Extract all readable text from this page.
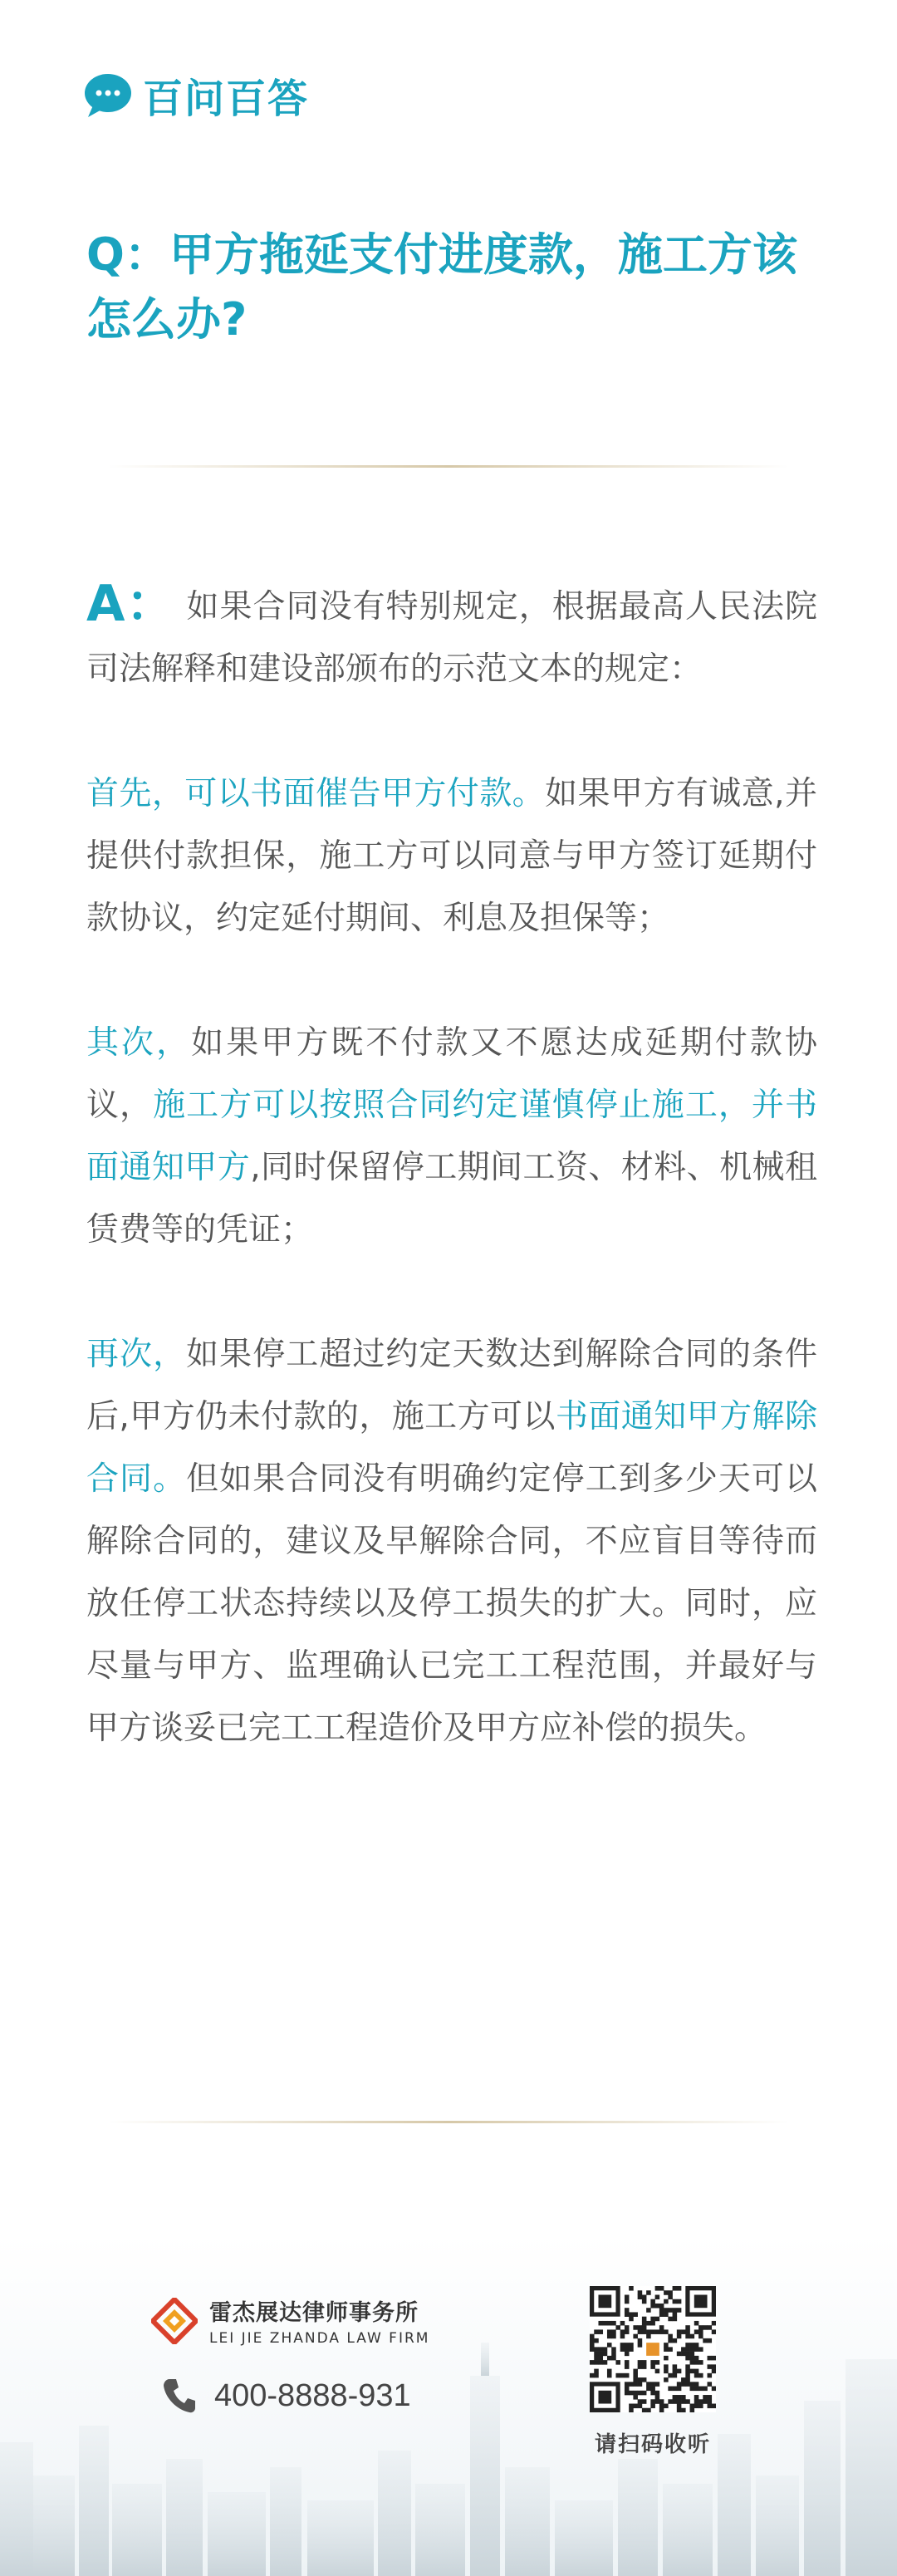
百问百答
Q：甲方拖延支付进度款，施工方该怎么办?

A： 如果合同没有特别规定，根据最高人民法院司法解释和建设部颁布的示范文本的规定：

首先，可以书面催告甲方付款。如果甲方有诚意,并提供付款担保，施工方可以同意与甲方签订延期付款协议，约定延付期间、利息及担保等；

其次，如果甲方既不付款又不愿达成延期付款协议，施工方可以按照合同约定谨慎停止施工，并书面通知甲方,同时保留停工期间工资、材料、机械租赁费等的凭证；

再次，如果停工超过约定天数达到解除合同的条件后,甲方仍未付款的，施工方可以书面通知甲方解除合同。但如果合同没有明确约定停工到多少天可以解除合同的，建议及早解除合同，不应盲目等待而放任停工状态持续以及停工损失的扩大。同时，应尽量与甲方、监理确认已完工工程范围，并最好与甲方谈妥已完工工程造价及甲方应补偿的损失。

雷杰展达律师事务所
LEI JIE ZHANDA LAW FIRM
400-8888-931
请扫码收听
